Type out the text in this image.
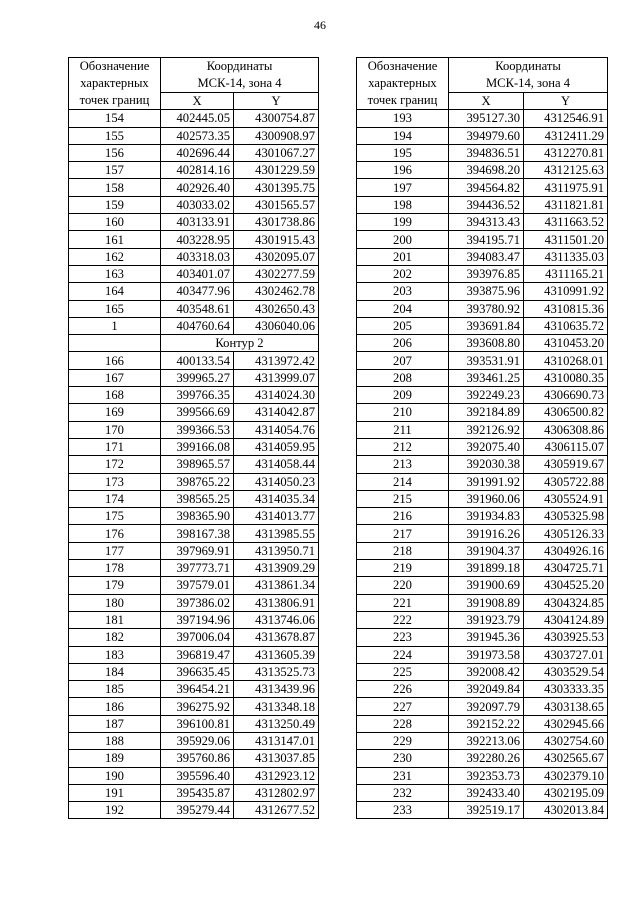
46
Обозначение
характерных
точек границ	Координаты
МСК-14, зона 4	
	X	Y
154	402445.05	4300754.87
155	402573.35	4300908.97
156	402696.44	4301067.27
157	402814.16	4301229.59
158	402926.40	4301395.75
159	403033.02	4301565.57
160	403133.91	4301738.86
161	403228.95	4301915.43
162	403318.03	4302095.07
163	403401.07	4302277.59
164	403477.96	4302462.78
165	403548.61	4302650.43
1	404760.64	4306040.06
	Контур 2	
166	400133.54	4313972.42
167	399965.27	4313999.07
168	399766.35	4314024.30
169	399566.69	4314042.87
170	399366.53	4314054.76
171	399166.08	4314059.95
172	398965.57	4314058.44
173	398765.22	4314050.23
174	398565.25	4314035.34
175	398365.90	4314013.77
176	398167.38	4313985.55
177	397969.91	4313950.71
178	397773.71	4313909.29
179	397579.01	4313861.34
180	397386.02	4313806.91
181	397194.96	4313746.06
182	397006.04	4313678.87
183	396819.47	4313605.39
184	396635.45	4313525.73
185	396454.21	4313439.96
186	396275.92	4313348.18
187	396100.81	4313250.49
188	395929.06	4313147.01
189	395760.86	4313037.85
190	395596.40	4312923.12
191	395435.87	4312802.97
192	395279.44	4312677.52
Обозначение
характерных
точек границ	Координаты
МСК-14, зона 4	
	X	Y
193	395127.30	4312546.91
194	394979.60	4312411.29
195	394836.51	4312270.81
196	394698.20	4312125.63
197	394564.82	4311975.91
198	394436.52	4311821.81
199	394313.43	4311663.52
200	394195.71	4311501.20
201	394083.47	4311335.03
202	393976.85	4311165.21
203	393875.96	4310991.92
204	393780.92	4310815.36
205	393691.84	4310635.72
206	393608.80	4310453.20
207	393531.91	4310268.01
208	393461.25	4310080.35
209	392249.23	4306690.73
210	392184.89	4306500.82
211	392126.92	4306308.86
212	392075.40	4306115.07
213	392030.38	4305919.67
214	391991.92	4305722.88
215	391960.06	4305524.91
216	391934.83	4305325.98
217	391916.26	4305126.33
218	391904.37	4304926.16
219	391899.18	4304725.71
220	391900.69	4304525.20
221	391908.89	4304324.85
222	391923.79	4304124.89
223	391945.36	4303925.53
224	391973.58	4303727.01
225	392008.42	4303529.54
226	392049.84	4303333.35
227	392097.79	4303138.65
228	392152.22	4302945.66
229	392213.06	4302754.60
230	392280.26	4302565.67
231	392353.73	4302379.10
232	392433.40	4302195.09
233	392519.17	4302013.84
